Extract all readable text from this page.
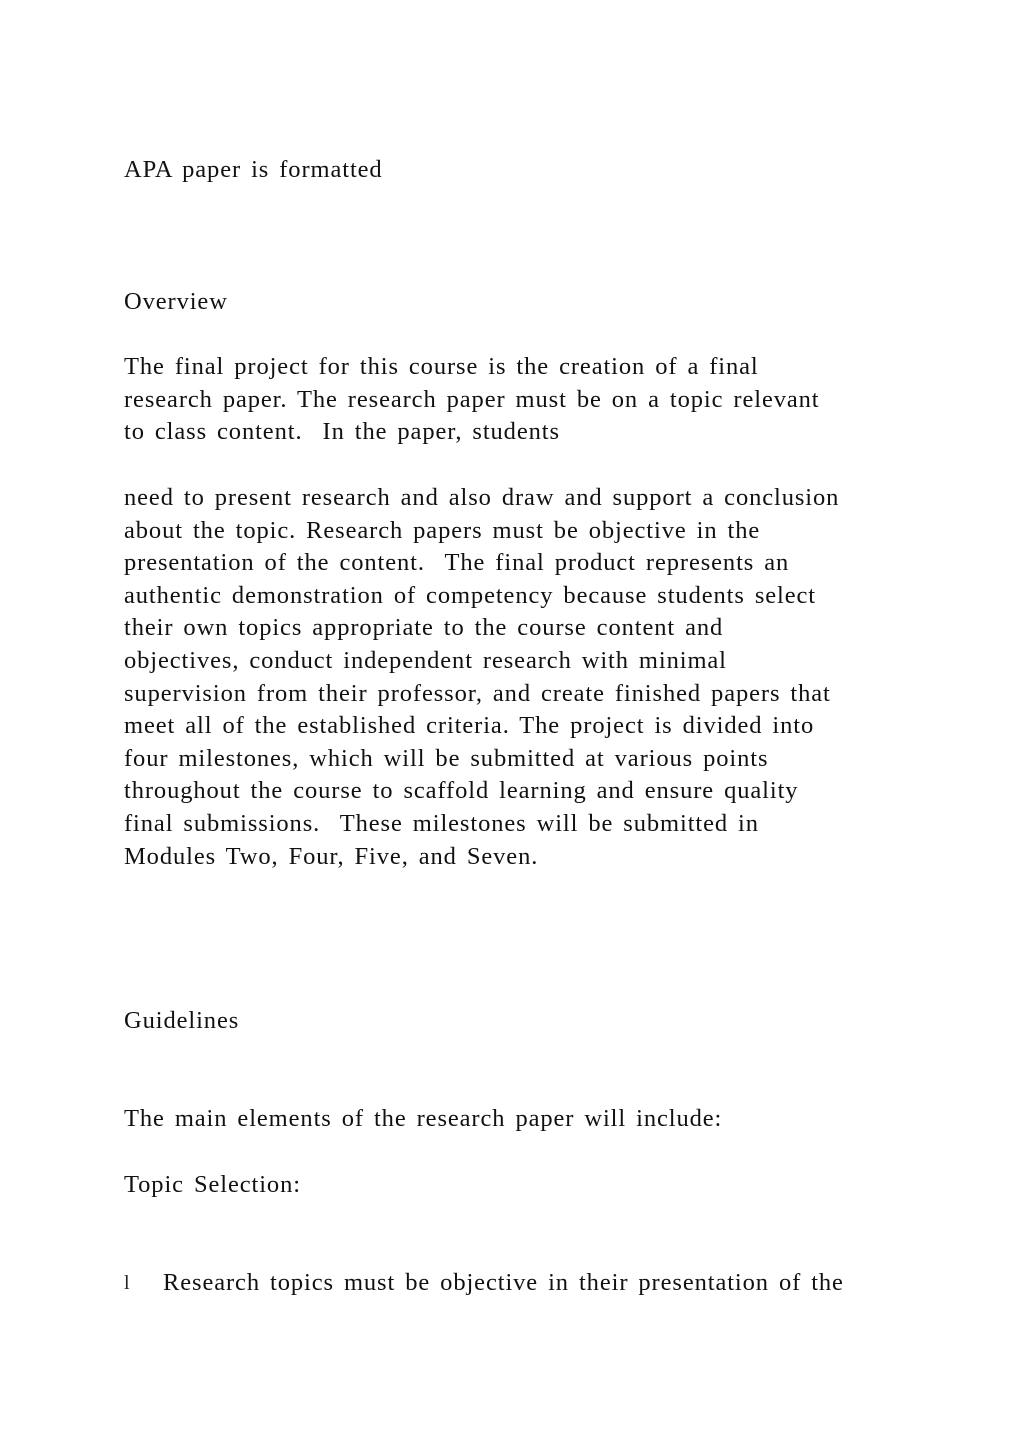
APA paper is formatted
Overview
The final project for this course is the creation of a final
research paper. The research paper must be on a topic relevant
to class content.  In the paper, students
need to present research and also draw and support a conclusion
about the topic. Research papers must be objective in the
presentation of the content.  The final product represents an
authentic demonstration of competency because students select
their own topics appropriate to the course content and
objectives, conduct independent research with minimal
supervision from their professor, and create finished papers that
meet all of the established criteria. The project is divided into
four milestones, which will be submitted at various points
throughout the course to scaffold learning and ensure quality
final submissions.  These milestones will be submitted in
Modules Two, Four, Five, and Seven.
Guidelines
The main elements of the research paper will include:
Topic Selection:
l Research topics must be objective in their presentation of the
